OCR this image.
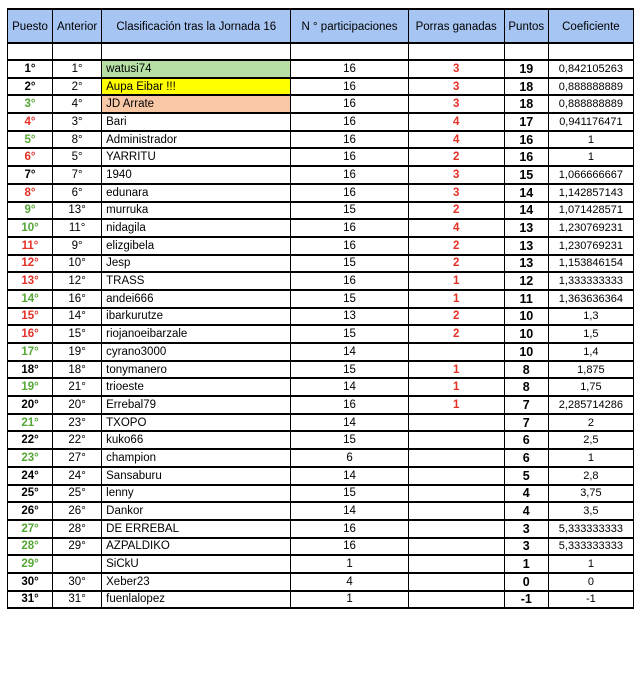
Puesto	Anterior	Clasificación tras la Jornada 16	N ° participaciones	Porras ganadas	Puntos	Coeficiente

1°	1°	watusi74	16	3	19	0,842105263
2°	2°	Aupa Eibar !!!	16	3	18	0,888888889
3°	4°	JD Arrate	16	3	18	0,888888889
4°	3°	Bari	16	4	17	0,941176471
5°	8°	Administrador	16	4	16	1
6°	5°	YARRITU	16	2	16	1
7°	7°	1940	16	3	15	1,066666667
8°	6°	edunara	16	3	14	1,142857143
9°	13°	murruka	15	2	14	1,071428571
10°	11°	nidagila	16	4	13	1,230769231
11°	9°	elizgibela	16	2	13	1,230769231
12°	10°	Jesp	15	2	13	1,153846154
13°	12°	TRASS	16	1	12	1,333333333
14°	16°	andei666	15	1	11	1,363636364
15°	14°	ibarkurutze	13	2	10	1,3
16°	15°	riojanoeibarzale	15	2	10	1,5
17°	19°	cyrano3000	14		10	1,4
18°	18°	tonymanero	15	1	8	1,875
19°	21°	trioeste	14	1	8	1,75
20°	20°	Errebal79	16	1	7	2,285714286
21°	23°	TXOPO	14		7	2
22°	22°	kuko66	15		6	2,5
23°	27°	champion	6		6	1
24°	24°	Sansaburu	14		5	2,8
25°	25°	lenny	15		4	3,75
26°	26°	Dankor	14		4	3,5
27°	28°	DE ERREBAL	16		3	5,333333333
28°	29°	AZPALDIKO	16		3	5,333333333
29°		SiCkU	1		1	1
30°	30°	Xeber23	4		0	0
31°	31°	fuenlalopez	1		-1	-1
